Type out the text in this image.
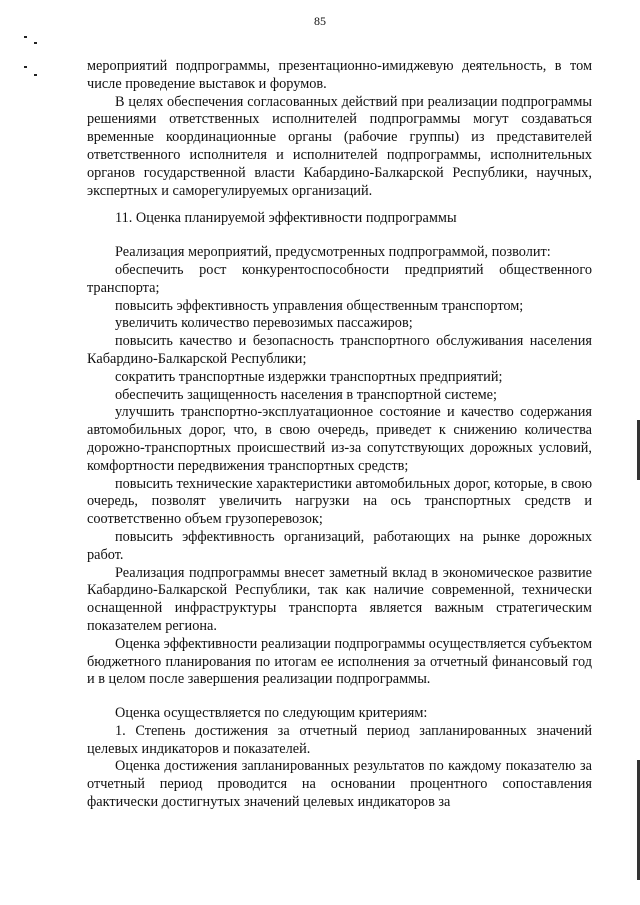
85

мероприятий подпрограммы, презентационно-имиджевую деятельность, в том числе проведение выставок и форумов.

В целях обеспечения согласованных действий при реализации подпрограммы решениями ответственных исполнителей подпрограммы могут создаваться временные координационные органы (рабочие группы) из представителей ответственного исполнителя и исполнителей подпрограммы, исполнительных органов государственной власти Кабардино-Балкарской Республики, научных, экспертных и саморегулируемых организаций.

11. Оценка планируемой эффективности подпрограммы

Реализация мероприятий, предусмотренных подпрограммой, позволит:

обеспечить рост конкурентоспособности предприятий общественного транспорта;

повысить эффективность управления общественным транспортом;

увеличить количество перевозимых пассажиров;

повысить качество и безопасность транспортного обслуживания населения Кабардино-Балкарской Республики;

сократить транспортные издержки транспортных предприятий;

обеспечить защищенность населения в транспортной системе;

улучшить транспортно-эксплуатационное состояние и качество содержания автомобильных дорог, что, в свою очередь, приведет к снижению количества дорожно-транспортных происшествий из-за сопутствующих дорожных условий, комфортности передвижения транспортных средств;

повысить технические характеристики автомобильных дорог, которые, в свою очередь, позволят увеличить нагрузки на ось транспортных средств и соответственно объем грузоперевозок;

повысить эффективность организаций, работающих на рынке дорожных работ.

Реализация подпрограммы внесет заметный вклад в экономическое развитие Кабардино-Балкарской Республики, так как наличие современной, технически оснащенной инфраструктуры транспорта является важным стратегическим показателем региона.

Оценка эффективности реализации подпрограммы осуществляется субъектом бюджетного планирования по итогам ее исполнения за отчетный финансовый год и в целом после завершения реализации подпрограммы.

Оценка осуществляется по следующим критериям:

1. Степень достижения за отчетный период запланированных значений целевых индикаторов и показателей.

Оценка достижения запланированных результатов по каждому показателю за отчетный период проводится на основании процентного сопоставления фактически достигнутых значений целевых индикаторов за
